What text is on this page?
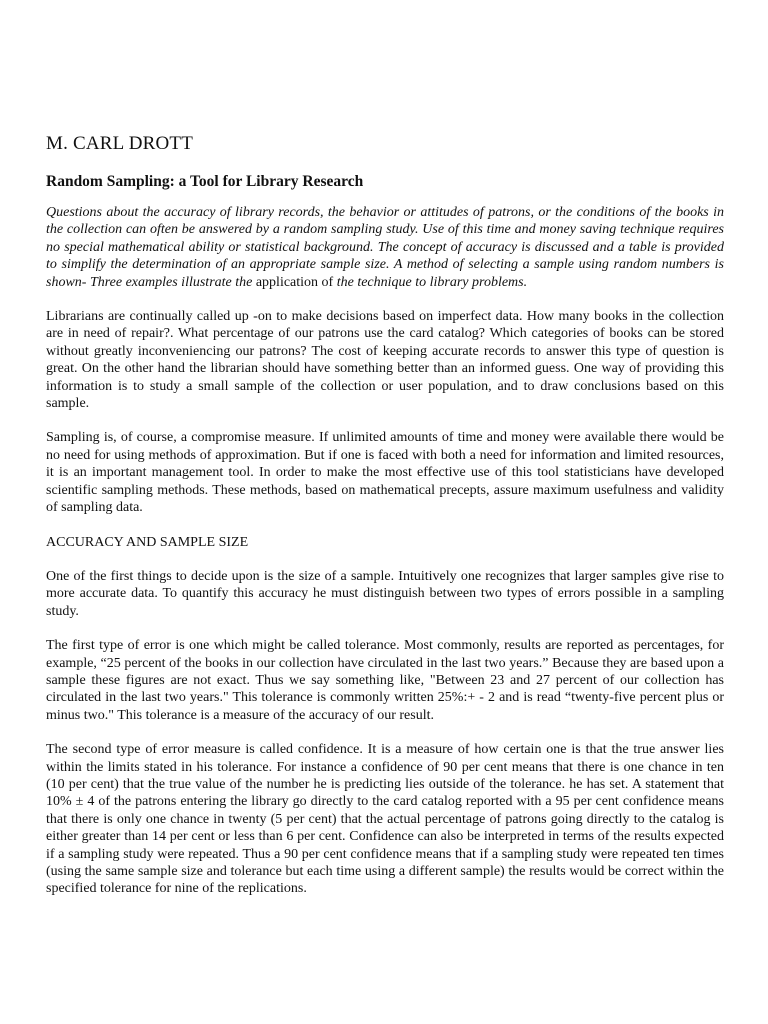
M. CARL DROTT
Random Sampling: a Tool for Library Research
Questions about the accuracy of library records, the behavior or attitudes of patrons, or the conditions of the books in the collection can often be answered by a random sampling study. Use of this time and money saving technique requires no special mathematical ability or statistical background. The concept of accuracy is discussed and a table is provided to simplify the determination of an appropriate sample size. A method of selecting a sample using random numbers is shown- Three examples illustrate the application of the technique to library problems.

Librarians are continually called up -on to make decisions based on imperfect data. How many books in the collection are in need of repair?. What percentage of our patrons use the card catalog? Which categories of books can be stored without greatly inconveniencing our patrons? The cost of keeping accurate records to answer this type of question is great. On the other hand the librarian should have something better than an informed guess. One way of providing this information is to study a small sample of the collection or user population, and to draw conclusions based on this sample.

Sampling is, of course, a compromise measure. If unlimited amounts of time and money were available there would be no need for using methods of approximation. But if one is faced with both a need for information and limited resources, it is an important management tool. In order to make the most effective use of this tool statisticians have developed scientific sampling methods. These methods, based on mathematical precepts, assure maximum usefulness and validity of sampling data.

ACCURACY AND SAMPLE SIZE

One of the first things to decide upon is the size of a sample. Intuitively one recognizes that larger samples give rise to more accurate data. To quantify this accuracy he must distinguish between two types of errors possible in a sampling study.

The first type of error is one which might be called tolerance. Most commonly, results are reported as percentages, for example, “25 percent of the books in our collection have circulated in the last two years.” Because they are based upon a sample these figures are not exact. Thus we say something like, "Between 23 and 27 percent of our collection has circulated in the last two years." This tolerance is commonly written 25%:+ - 2 and is read “twenty-five percent plus or minus two." This tolerance is a measure of the accuracy of our result.

The second type of error measure is called confidence. It is a measure of how certain one is that the true answer lies within the limits stated in his tolerance. For instance a confidence of 90 per cent means that there is one chance in ten (10 per cent) that the true value of the number he is predicting lies outside of the tolerance. he has set. A statement that 10% ± 4 of the patrons entering the library go directly to the card catalog reported with a 95 per cent confidence means that there is only one chance in twenty (5 per cent) that the actual percentage of patrons going directly to the catalog is either greater than 14 per cent or less than 6 per cent. Confidence can also be interpreted in terms of the results expected if a sampling study were repeated. Thus a 90 per cent confidence means that if a sampling study were repeated ten times (using the same sample size and tolerance but each time using a different sample) the results would be correct within the specified tolerance for nine of the replications.
